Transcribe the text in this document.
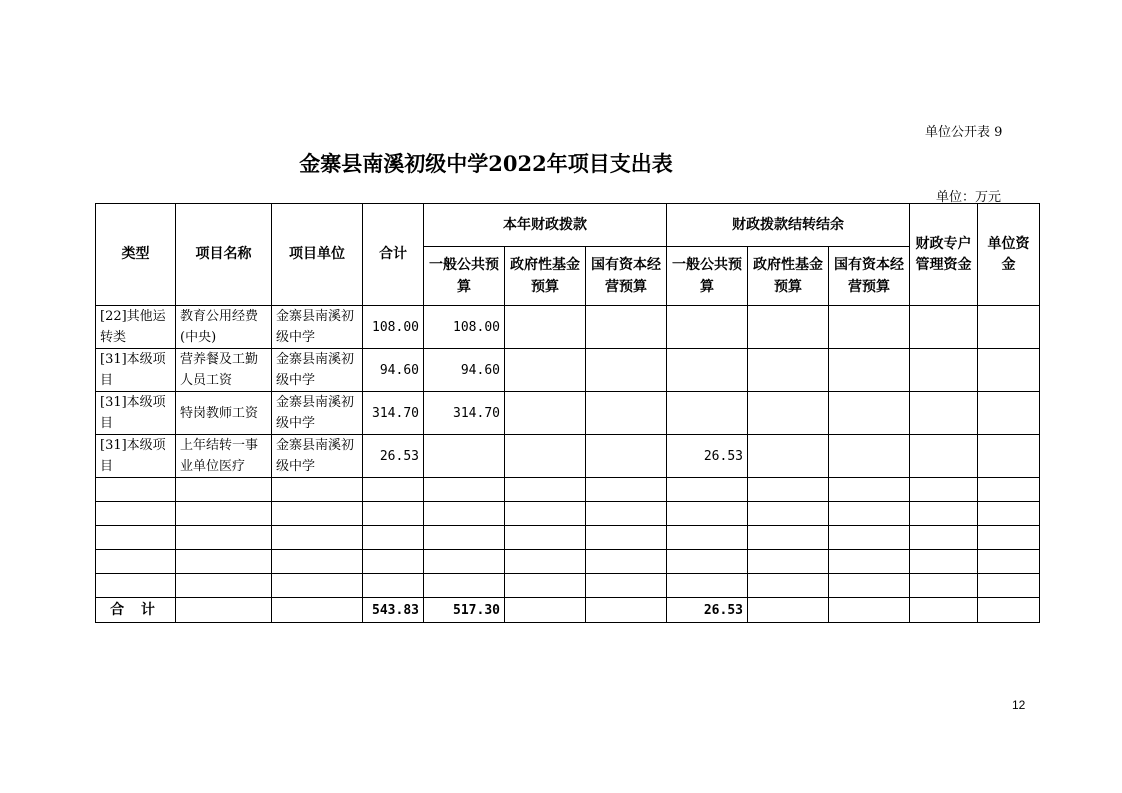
单位公开表 9
金寨县南溪初级中学2022年项目支出表
单位：万元
类型	项目名称	项目单位	合计	本年财政拨款			财政拨款结转结余			财政专户管理资金	单位资金
				一般公共预算	政府性基金预算	国有资本经营预算	一般公共预算	政府性基金预算	国有资本经营预算		
[22]其他运转类	教育公用经费(中央)	金寨县南溪初级中学	108.00	108.00							
[31]本级项目	营养餐及工勤人员工资	金寨县南溪初级中学	94.60	94.60							
[31]本级项目	特岗教师工资	金寨县南溪初级中学	314.70	314.70							
[31]本级项目	上年结转一事业单位医疗	金寨县南溪初级中学	26.53				26.53				

合 计			543.83	517.30			26.53				
12
